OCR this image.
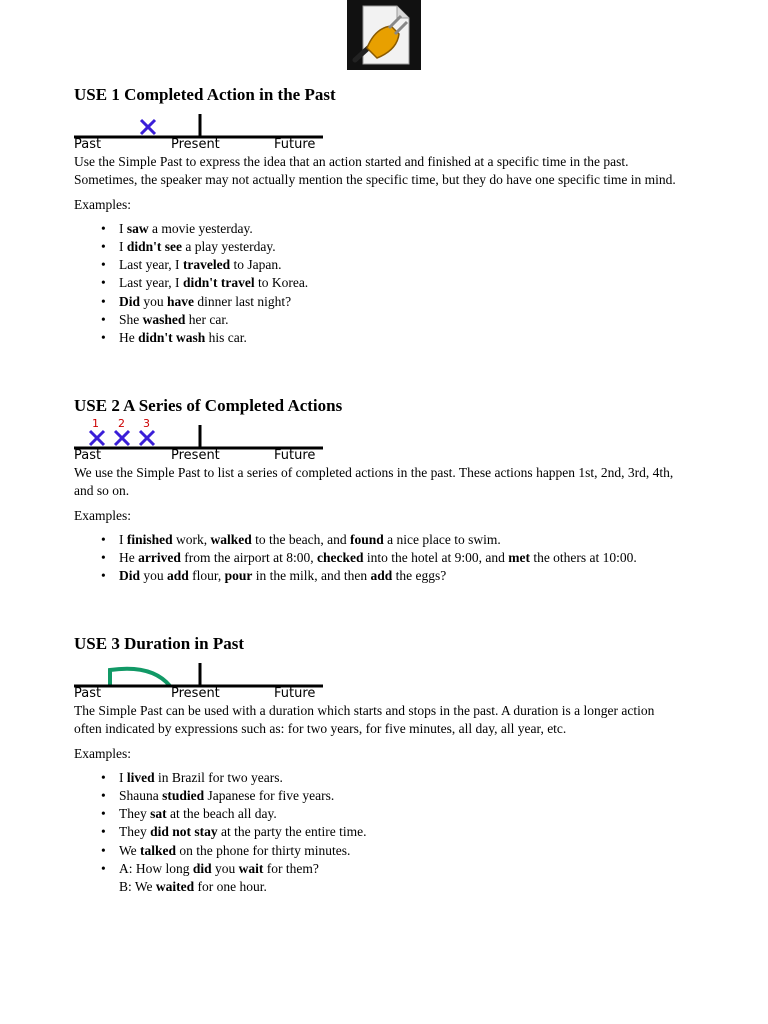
USE 1 Completed Action in the Past
Past	Present	Future

Use the Simple Past to express the idea that an action started and finished at a specific time in the past. Sometimes, the speaker may not actually mention the specific time, but they do have one specific time in mind.

Examples:

• I saw a movie yesterday.
• I didn't see a play yesterday.
• Last year, I traveled to Japan.
• Last year, I didn't travel to Korea.
• Did you have dinner last night?
• She washed her car.
• He didn't wash his car.
USE 2 A Series of Completed Actions
1 2 3
Past	Present	Future

We use the Simple Past to list a series of completed actions in the past. These actions happen 1st, 2nd, 3rd, 4th, and so on.

Examples:

• I finished work, walked to the beach, and found a nice place to swim.
• He arrived from the airport at 8:00, checked into the hotel at 9:00, and met the others at 10:00.
• Did you add flour, pour in the milk, and then add the eggs?
USE 3 Duration in Past
Past	Present	Future

The Simple Past can be used with a duration which starts and stops in the past. A duration is a longer action often indicated by expressions such as: for two years, for five minutes, all day, all year, etc.

Examples:

• I lived in Brazil for two years.
• Shauna studied Japanese for five years.
• They sat at the beach all day.
• They did not stay at the party the entire time.
• We talked on the phone for thirty minutes.
• A: How long did you wait for them?
B: We waited for one hour.
